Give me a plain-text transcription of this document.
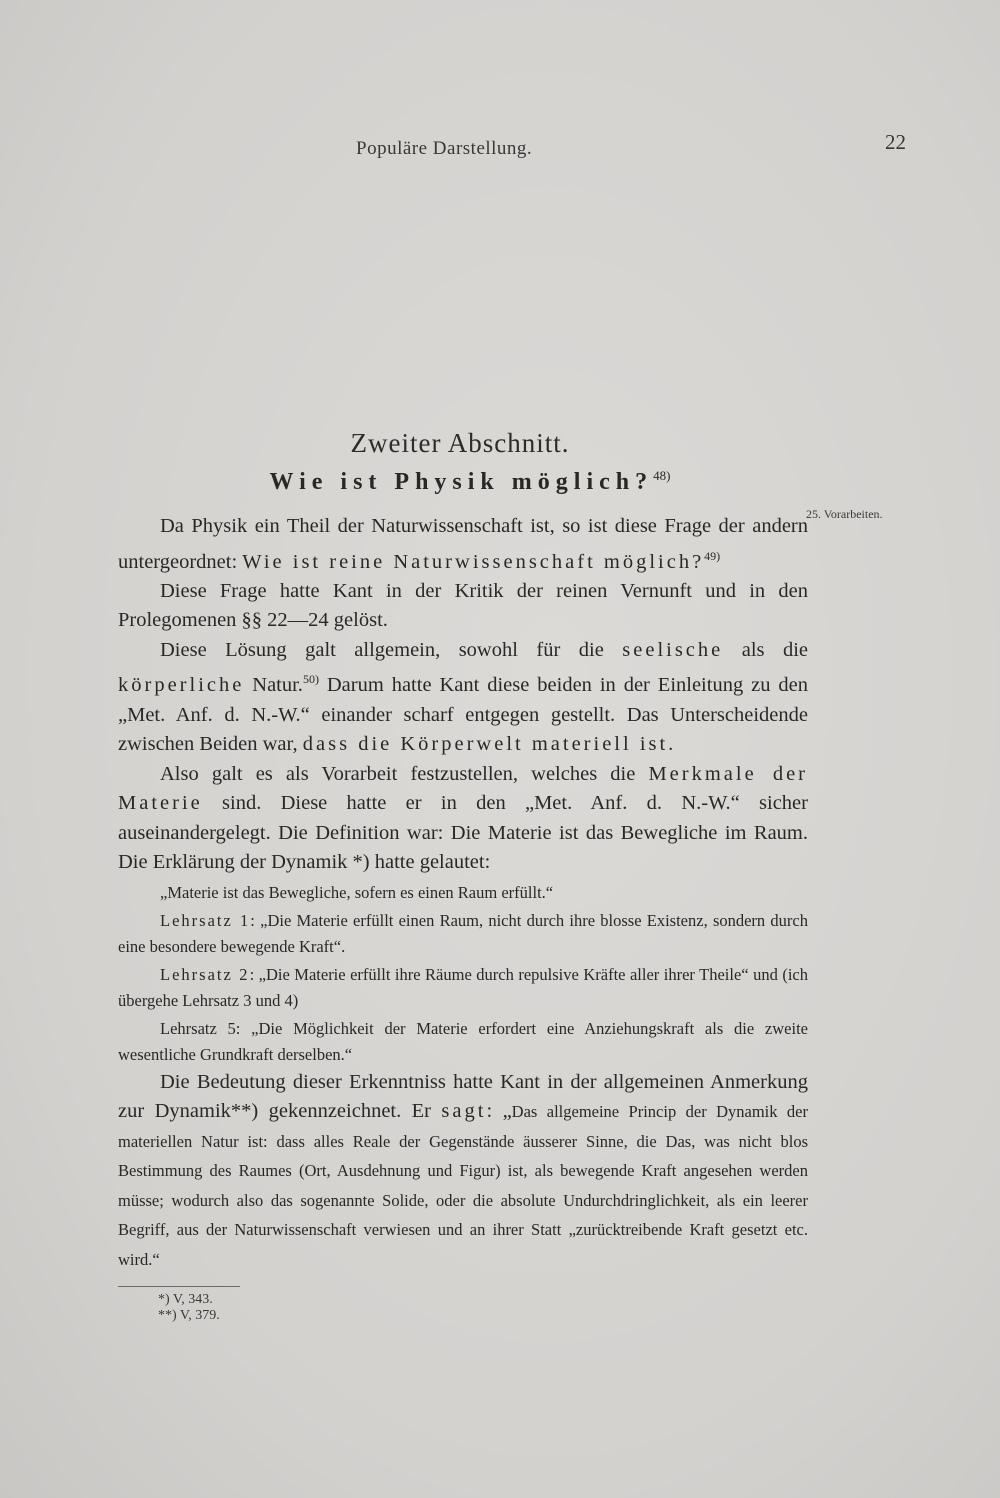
Populäre Darstellung.	22
Zweiter Abschnitt.
Wie ist Physik möglich?$^{48)}$
25. Vorarbeiten.

Da Physik ein Theil der Naturwissenschaft ist, so ist diese Frage der andern untergeordnet: Wie ist reine Naturwissenschaft möglich?$^{49)}$

Diese Frage hatte Kant in der Kritik der reinen Vernunft und in den Prolegomenen §§ 22—24 gelöst.

Diese Lösung galt allgemein, sowohl für die seelische als die körperliche Natur.$^{50)}$ Darum hatte Kant diese beiden in der Einleitung zu den „Met. Anf. d. N.-W.“ einander scharf entgegen gestellt. Das Unterscheidende zwischen Beiden war, dass die Körperwelt materiell ist.

Also galt es als Vorarbeit festzustellen, welches die Merkmale der Materie sind. Diese hatte er in den „Met. Anf. d. N.-W.“ sicher auseinandergelegt. Die Definition war: Die Materie ist das Bewegliche im Raum. Die Erklärung der Dynamik *) hatte gelautet:

„Materie ist das Bewegliche, sofern es einen Raum erfüllt.“

Lehrsatz 1: „Die Materie erfüllt einen Raum, nicht durch ihre blosse Existenz, sondern durch eine besondere bewegende Kraft“.

Lehrsatz 2: „Die Materie erfüllt ihre Räume durch repulsive Kräfte aller ihrer Theile“ und (ich übergehe Lehrsatz 3 und 4)

Lehrsatz 5: „Die Möglichkeit der Materie erfordert eine Anziehungskraft als die zweite wesentliche Grundkraft derselben.“

Die Bedeutung dieser Erkenntniss hatte Kant in der allgemeinen Anmerkung zur Dynamik**) gekennzeichnet. Er sagt: „Das allgemeine Princip der Dynamik der materiellen Natur ist: dass alles Reale der Gegenstände äusserer Sinne, die Das, was nicht blos Bestimmung des Raumes (Ort, Ausdehnung und Figur) ist, als bewegende Kraft angesehen werden müsse; wodurch also das sogenannte Solide, oder die absolute Undurchdringlichkeit, als ein leerer Begriff, aus der Naturwissenschaft verwiesen und an ihrer Statt „zurücktreibende Kraft gesetzt etc. wird.“

*) V, 343.
**) V, 379.
